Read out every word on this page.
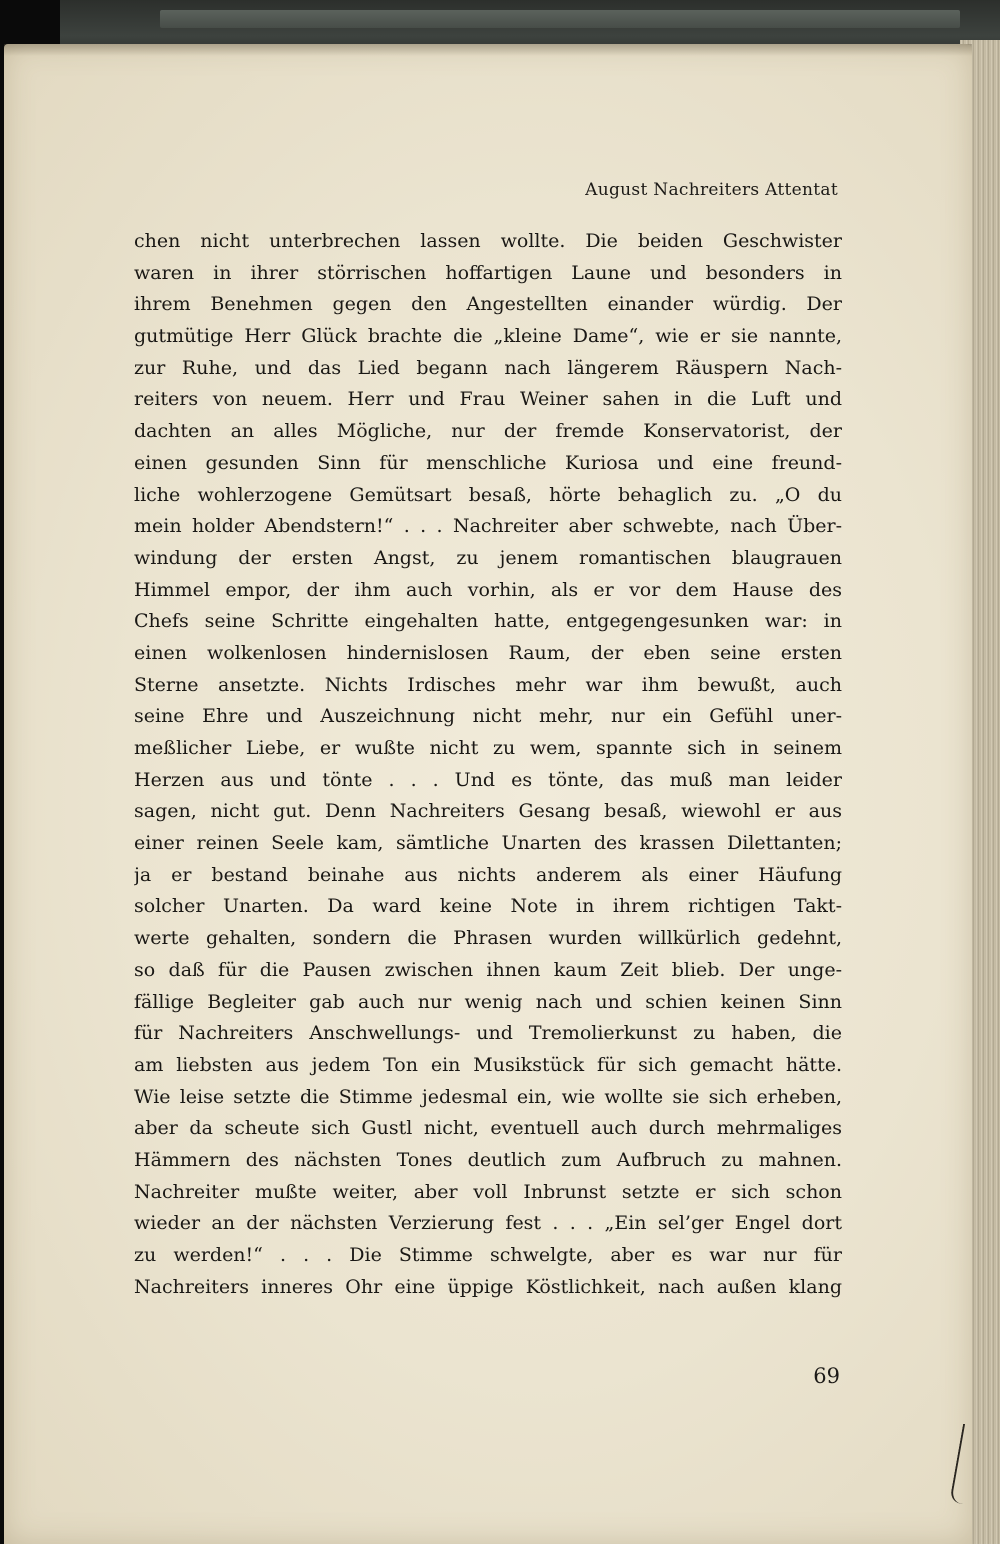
August Nachreiters Attentat
chen nicht unterbrechen lassen wollte. Die beiden Geschwister
waren in ihrer störrischen hoffartigen Laune und besonders in
ihrem Benehmen gegen den Angestellten einander würdig. Der
gutmütige Herr Glück brachte die „kleine Dame“, wie er sie nannte,
zur Ruhe, und das Lied begann nach längerem Räuspern Nach-
reiters von neuem. Herr und Frau Weiner sahen in die Luft und
dachten an alles Mögliche, nur der fremde Konservatorist, der
einen gesunden Sinn für menschliche Kuriosa und eine freund-
liche wohlerzogene Gemütsart besaß, hörte behaglich zu. „O du
mein holder Abendstern!“ . . . Nachreiter aber schwebte, nach Über-
windung der ersten Angst, zu jenem romantischen blaugrauen
Himmel empor, der ihm auch vorhin, als er vor dem Hause des
Chefs seine Schritte eingehalten hatte, entgegengesunken war: in
einen wolkenlosen hindernislosen Raum, der eben seine ersten
Sterne ansetzte. Nichts Irdisches mehr war ihm bewußt, auch
seine Ehre und Auszeichnung nicht mehr, nur ein Gefühl uner-
meßlicher Liebe, er wußte nicht zu wem, spannte sich in seinem
Herzen aus und tönte . . . Und es tönte, das muß man leider
sagen, nicht gut. Denn Nachreiters Gesang besaß, wiewohl er aus
einer reinen Seele kam, sämtliche Unarten des krassen Dilettanten;
ja er bestand beinahe aus nichts anderem als einer Häufung
solcher Unarten. Da ward keine Note in ihrem richtigen Takt-
werte gehalten, sondern die Phrasen wurden willkürlich gedehnt,
so daß für die Pausen zwischen ihnen kaum Zeit blieb. Der unge-
fällige Begleiter gab auch nur wenig nach und schien keinen Sinn
für Nachreiters Anschwellungs- und Tremolierkunst zu haben, die
am liebsten aus jedem Ton ein Musikstück für sich gemacht hätte.
Wie leise setzte die Stimme jedesmal ein, wie wollte sie sich erheben,
aber da scheute sich Gustl nicht, eventuell auch durch mehrmaliges
Hämmern des nächsten Tones deutlich zum Aufbruch zu mahnen.
Nachreiter mußte weiter, aber voll Inbrunst setzte er sich schon
wieder an der nächsten Verzierung fest . . . „Ein sel’ger Engel dort
zu werden!“ . . . Die Stimme schwelgte, aber es war nur für
Nachreiters inneres Ohr eine üppige Köstlichkeit, nach außen klang
69
